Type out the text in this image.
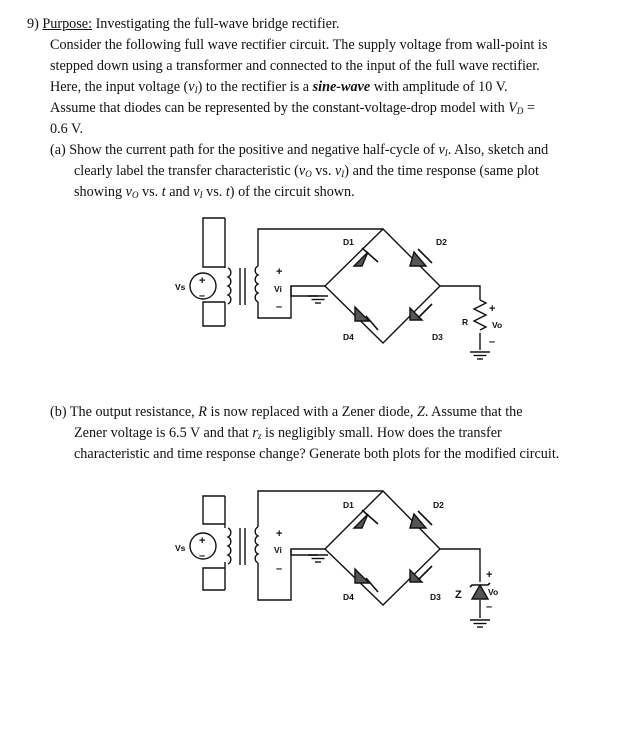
9) Purpose: Investigating the full-wave bridge rectifier.
Consider the following full wave rectifier circuit. The supply voltage from wall-point is
stepped down using a transformer and connected to the input of the full wave rectifier.
Here, the input voltage $(v_I)$ to the rectifier is a sine-wave with amplitude of 10 V.
Assume that diodes can be represented by the constant-voltage-drop model with $V_D$ =
0.6 V.
(a) Show the current path for the positive and negative half-cycle of $v_I$. Also, sketch and
clearly label the transfer characteristic ($v_O$ vs. $v_I$) and the time response (same plot
showing $v_O$ vs. t and $v_I$ vs. t) of the circuit shown.
D1	D2
D4	D3
R	Vo
Vs	Vi
+
–
+
–	+
–
(b) The output resistance, R is now replaced with a Zener diode, Z. Assume that the
Zener voltage is 6.5 V and that $r_z$ is negligibly small. How does the transfer
characteristic and time response change? Generate both plots for the modified circuit.
D1	D2
D4	D3
Vs	Vi
Vo
+
–
+
–	+
–
Z
